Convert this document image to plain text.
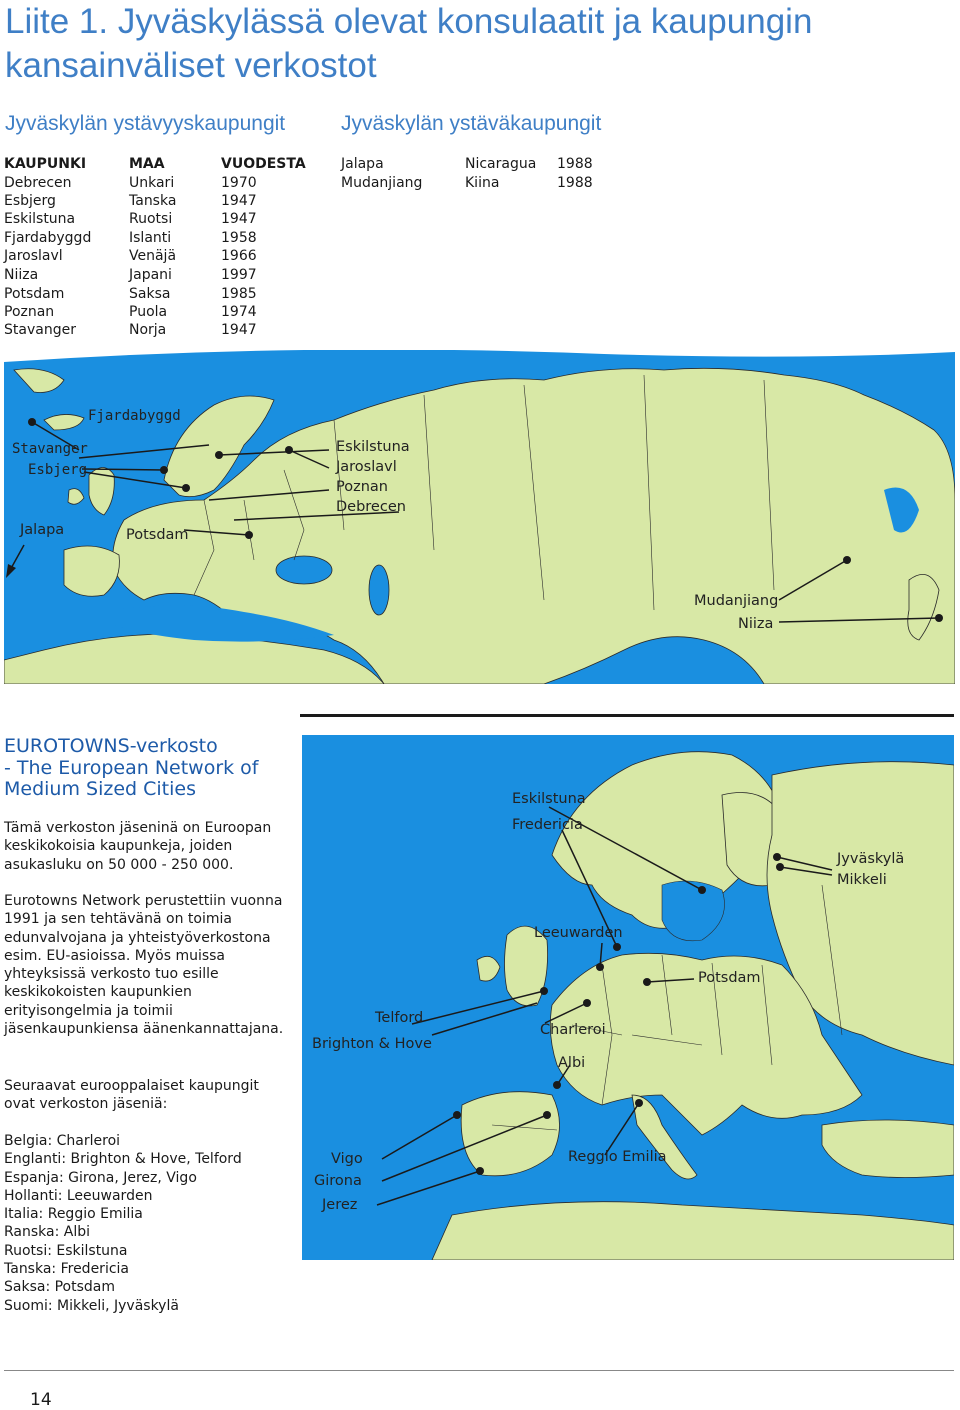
Liite 1. Jyväskylässä olevat konsulaatit ja kaupungin kansainväliset verkostot
Jyväskylän ystävyyskaupungit	Jyväskylän ystäväkaupungit
KAUPUNKI	MAA	VUODESTA
Debrecen	Unkari	1970
Esbjerg	Tanska	1947
Eskilstuna	Ruotsi	1947
Fjardabyggd	Islanti	1958
Jaroslavl	Venäjä	1966
Niiza	Japani	1997
Potsdam	Saksa	1985
Poznan	Puola	1974
Stavanger	Norja	1947
Jalapa	Nicaragua 1988
Mudanjiang	Kiina	1988
Fjardabyggd
Stavanger
Esbjerg
Jalapa	Potsdam
Eskilstuna
Jaroslavl
Poznan
Debrecen
Mudanjiang
Niiza
EUROTOWNS-verkosto
- The European Network of
Medium Sized Cities
Tämä verkoston jäseninä on Euroopan keskikokoisia kaupunkeja, joiden asukasluku on 50 000 - 250 000.
Eurotowns Network perustettiin vuonna 1991 ja sen tehtävänä on toimia edunvalvojana ja yhteistyöverkostona esim. EU-asioissa. Myös muissa yhteyksissä verkosto tuo esille keskikokoisten kaupunkien erityisongelmia ja toimii jäsenkaupunkiensa äänenkannattajana.
Seuraavat eurooppalaiset kaupungit ovat verkoston jäseniä:
Belgia: Charleroi
Englanti: Brighton & Hove, Telford
Espanja: Girona, Jerez, Vigo
Hollanti: Leeuwarden
Italia: Reggio Emilia
Ranska: Albi
Ruotsi: Eskilstuna
Tanska: Fredericia
Saksa: Potsdam
Suomi: Mikkeli, Jyväskylä
Eskilstuna
Fredericia
Jyväskylä
Mikkeli
Leeuwarden
Potsdam
Telford
Brighton & Hove
Charleroi
Albi
Vigo
Girona
Jerez
Reggio Emilia
14
